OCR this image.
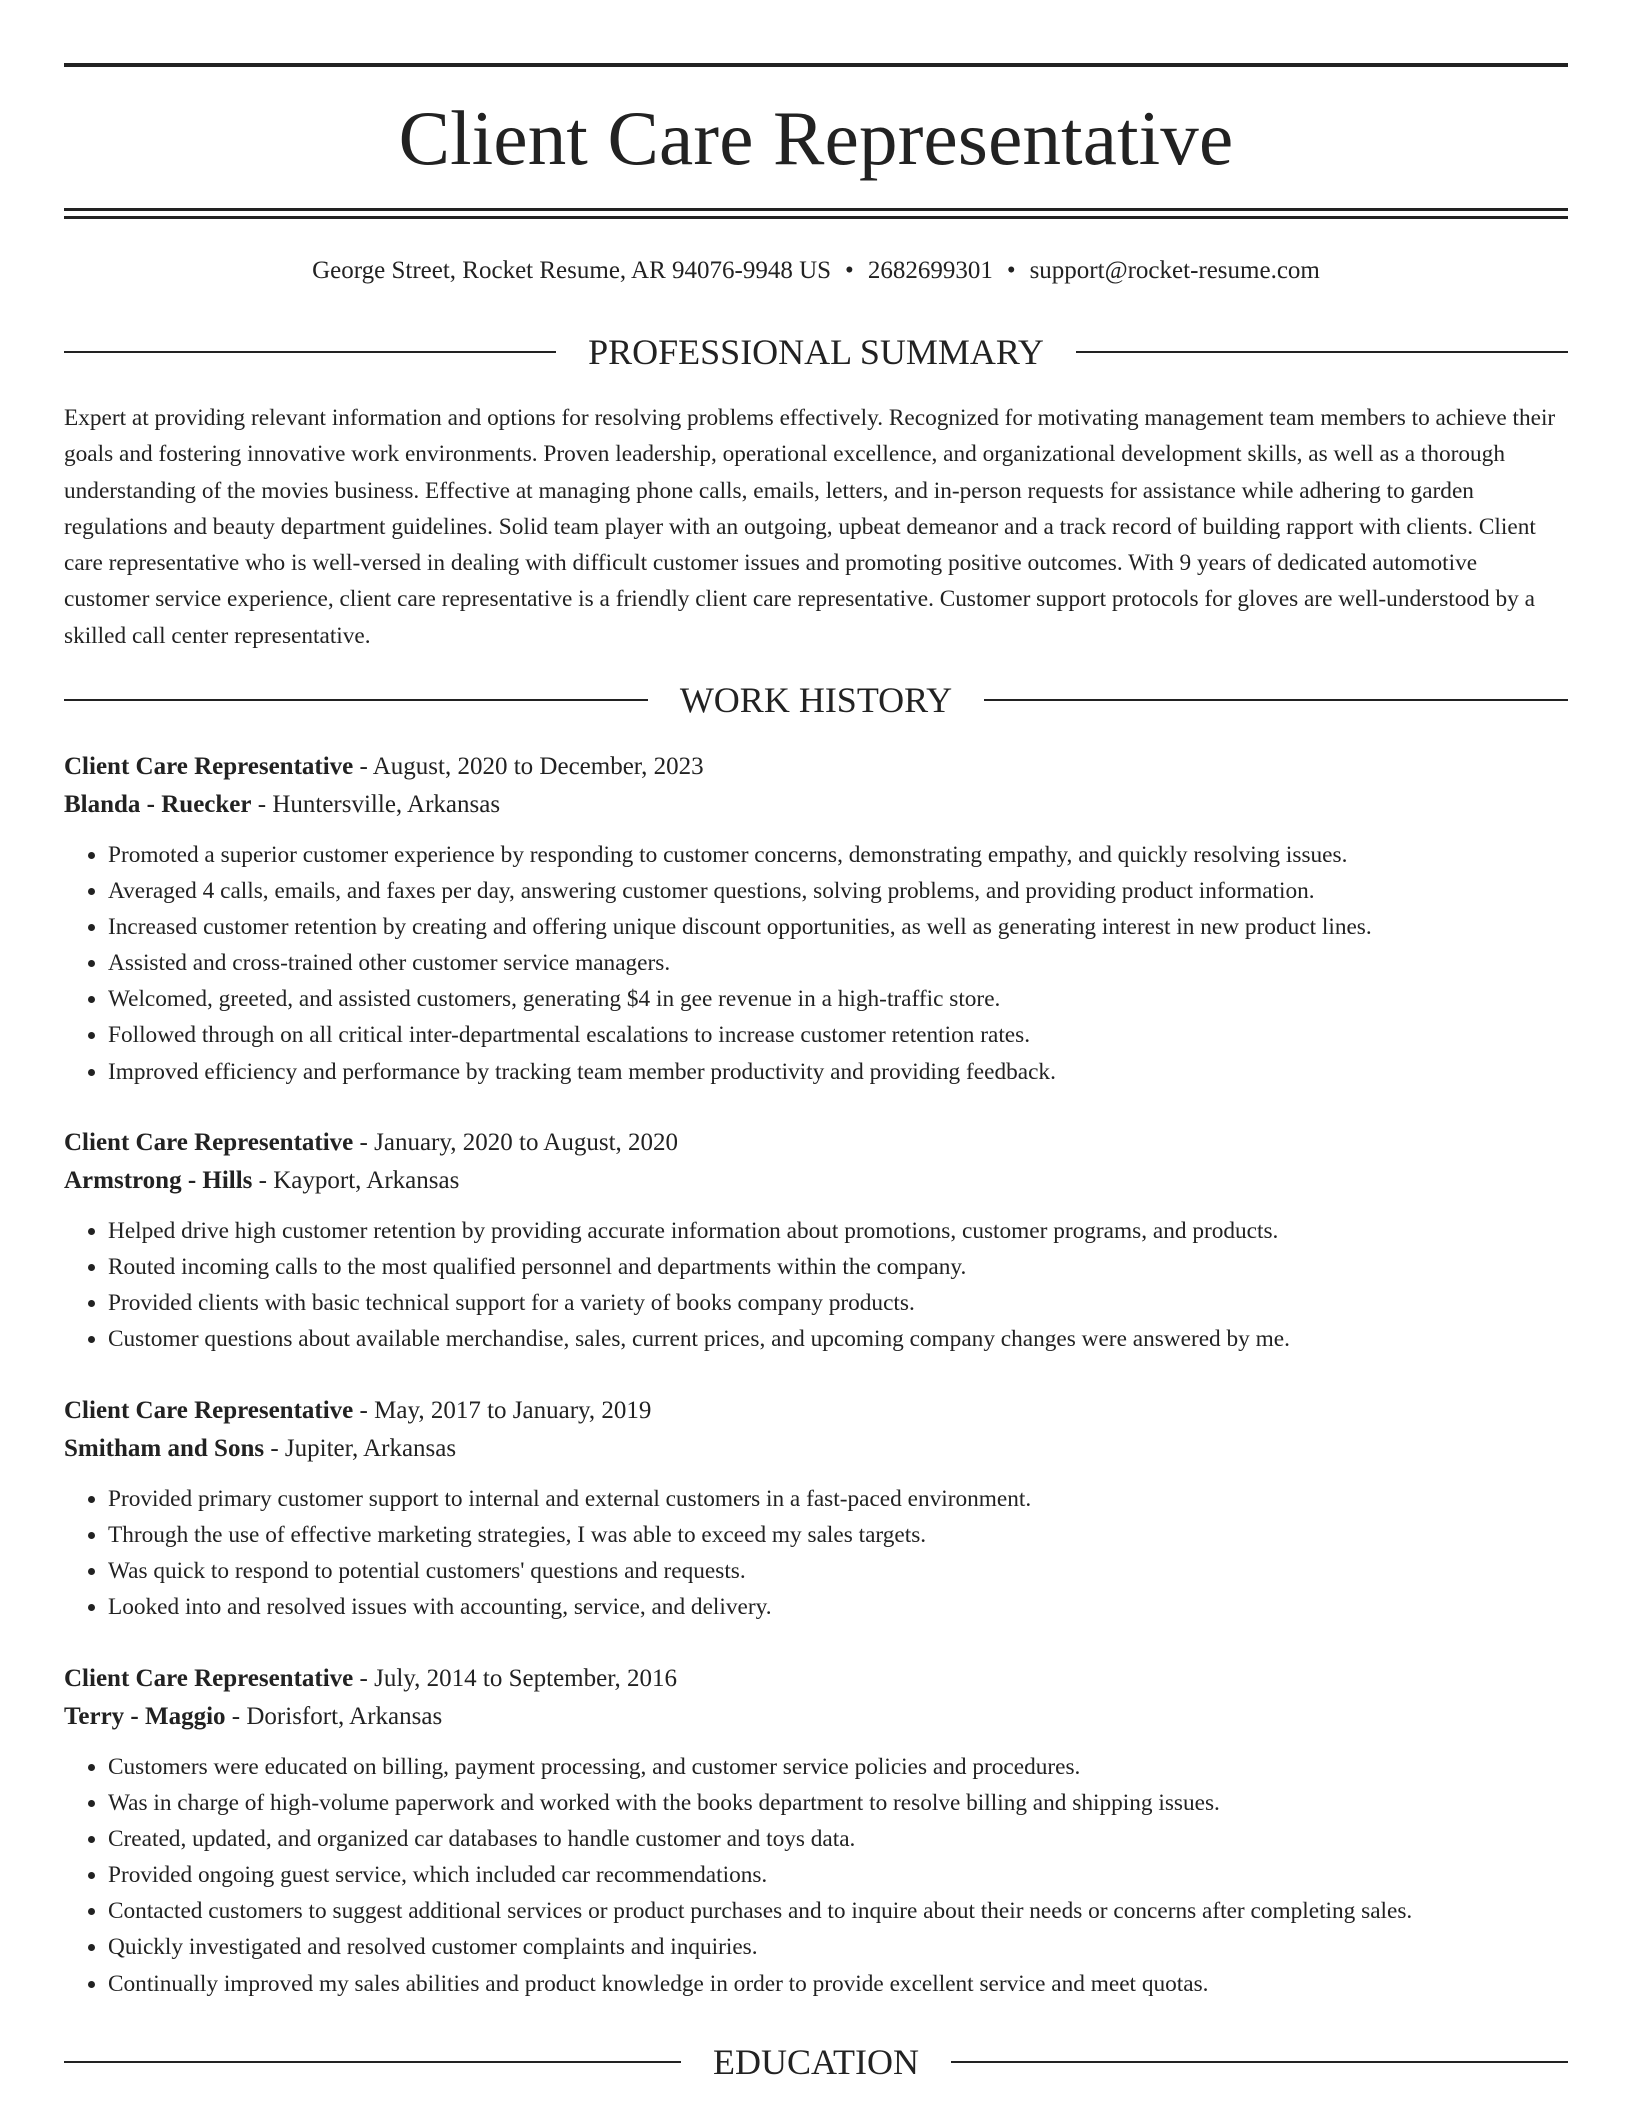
Client Care Representative
George Street, Rocket Resume, AR 94076-9948 US • 2682699301 • support@rocket-resume.com
PROFESSIONAL SUMMARY

Expert at providing relevant information and options for resolving problems effectively. Recognized for motivating management team members to achieve their goals and fostering innovative work environments. Proven leadership, operational excellence, and organizational development skills, as well as a thorough understanding of the movies business. Effective at managing phone calls, emails, letters, and in-person requests for assistance while adhering to garden regulations and beauty department guidelines. Solid team player with an outgoing, upbeat demeanor and a track record of building rapport with clients. Client care representative who is well-versed in dealing with difficult customer issues and promoting positive outcomes. With 9 years of dedicated automotive customer service experience, client care representative is a friendly client care representative. Customer support protocols for gloves are well-understood by a skilled call center representative.

WORK HISTORY
Client Care Representative - August, 2020 to December, 2023
Blanda - Ruecker - Huntersville, Arkansas
• Promoted a superior customer experience by responding to customer concerns, demonstrating empathy, and quickly resolving issues.
• Averaged 4 calls, emails, and faxes per day, answering customer questions, solving problems, and providing product information.
• Increased customer retention by creating and offering unique discount opportunities, as well as generating interest in new product lines.
• Assisted and cross-trained other customer service managers.
• Welcomed, greeted, and assisted customers, generating $4 in gee revenue in a high-traffic store.
• Followed through on all critical inter-departmental escalations to increase customer retention rates.
• Improved efficiency and performance by tracking team member productivity and providing feedback.
Client Care Representative - January, 2020 to August, 2020
Armstrong - Hills - Kayport, Arkansas
• Helped drive high customer retention by providing accurate information about promotions, customer programs, and products.
• Routed incoming calls to the most qualified personnel and departments within the company.
• Provided clients with basic technical support for a variety of books company products.
• Customer questions about available merchandise, sales, current prices, and upcoming company changes were answered by me.
Client Care Representative - May, 2017 to January, 2019
Smitham and Sons - Jupiter, Arkansas
• Provided primary customer support to internal and external customers in a fast-paced environment.
• Through the use of effective marketing strategies, I was able to exceed my sales targets.
• Was quick to respond to potential customers' questions and requests.
• Looked into and resolved issues with accounting, service, and delivery.
Client Care Representative - July, 2014 to September, 2016
Terry - Maggio - Dorisfort, Arkansas
• Customers were educated on billing, payment processing, and customer service policies and procedures.
• Was in charge of high-volume paperwork and worked with the books department to resolve billing and shipping issues.
• Created, updated, and organized car databases to handle customer and toys data.
• Provided ongoing guest service, which included car recommendations.
• Contacted customers to suggest additional services or product purchases and to inquire about their needs or concerns after completing sales.
• Quickly investigated and resolved customer complaints and inquiries.
• Continually improved my sales abilities and product knowledge in order to provide excellent service and meet quotas.
EDUCATION
